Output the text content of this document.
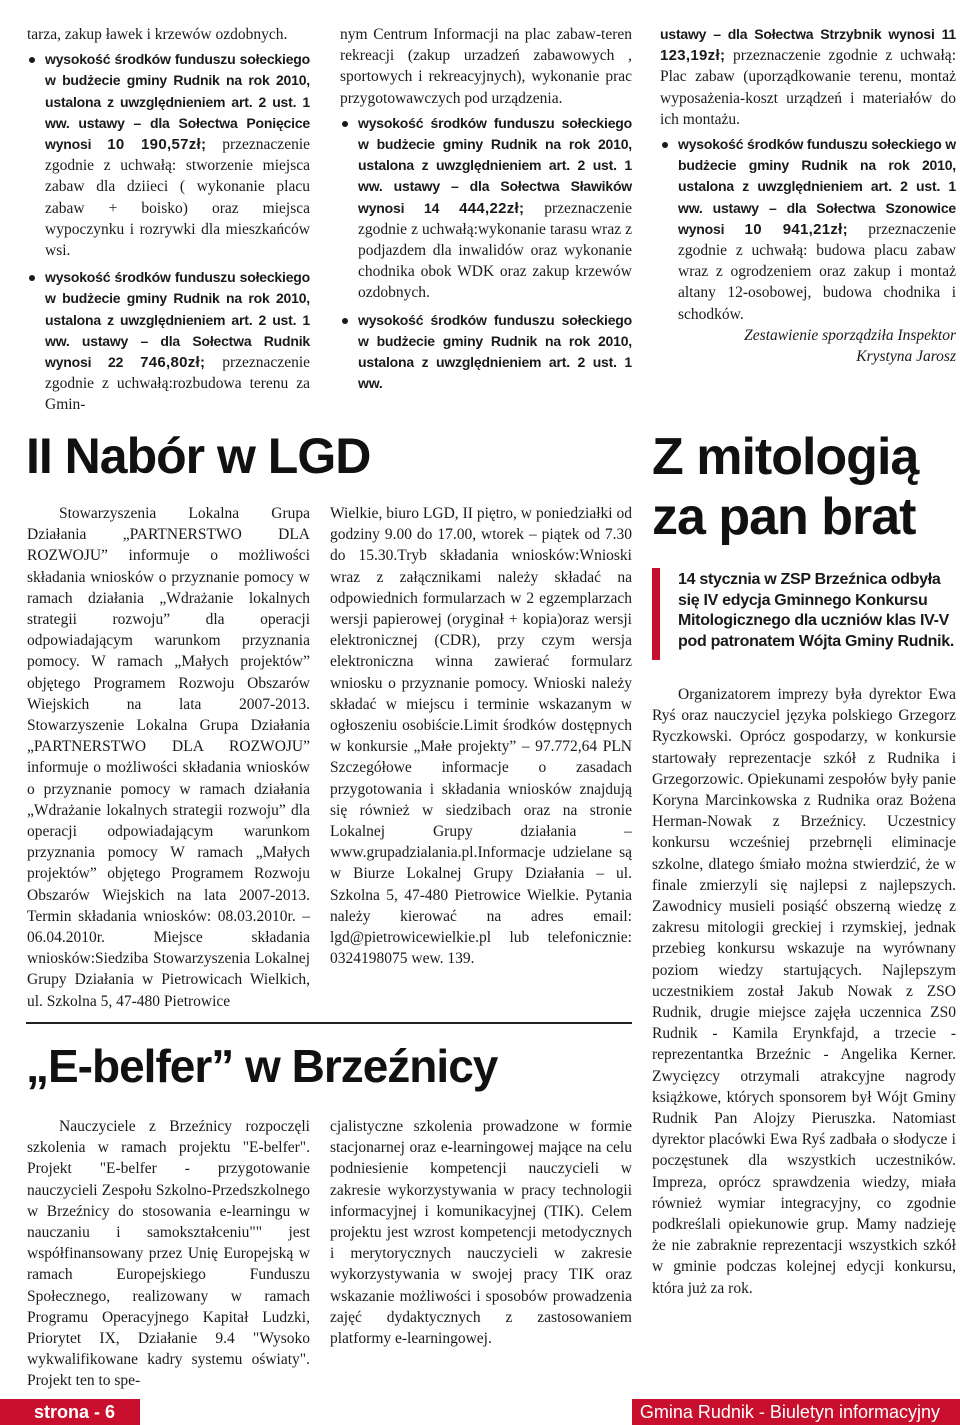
tarza, zakup ławek i krzewów ozdobnych.

wysokość środków funduszu sołeckiego w budżecie gminy Rudnik na rok 2010, ustalona z uwzględnieniem art. 2 ust. 1 ww. ustawy – dla Sołectwa Ponięcice wynosi 10 190,57zł; przeznaczenie zgodnie z uchwałą: stworzenie miejsca zabaw dla dziieci ( wykonanie placu zabaw + boisko) oraz miejsca wypoczynku i rozrywki dla mieszkańców wsi.
wysokość środków funduszu sołeckiego w budżecie gminy Rudnik na rok 2010, ustalona z uwzględnieniem art. 2 ust. 1 ww. ustawy – dla Sołectwa Rudnik wynosi 22 746,80zł; przeznaczenie zgodnie z uchwałą:rozbudowa terenu za Gmin-

nym Centrum Informacji na plac zabaw-teren rekreacji (zakup urzadzeń zabawowych , sportowych i rekreacyjnych), wykonanie prac przygotowawczych pod urządzenia.

wysokość środków funduszu sołeckiego w budżecie gminy Rudnik na rok 2010, ustalona z uwzględnieniem art. 2 ust. 1 ww. ustawy – dla Sołectwa Sławików wynosi 14 444,22zł; przeznaczenie zgodnie z uchwałą:wykonanie tarasu wraz z podjazdem dla inwalidów oraz wykonanie chodnika obok WDK oraz zakup krzewów ozdobnych.
wysokość środków funduszu sołeckiego w budżecie gminy Rudnik na rok 2010, ustalona z uwzględnieniem art. 2 ust. 1 ww.

ustawy – dla Sołectwa Strzybnik wynosi 11 123,19zł; przeznaczenie zgodnie z uchwałą: Plac zabaw (uporządkowanie terenu, montaż wyposażenia-koszt urządzeń i materiałów do ich montażu.

wysokość środków funduszu sołeckiego w budżecie gminy Rudnik na rok 2010, ustalona z uwzględnieniem art. 2 ust. 1 ww. ustawy – dla Sołectwa Szonowice wynosi 10 941,21zł; przeznaczenie zgodnie z uchwałą: budowa placu zabaw wraz z ogrodzeniem oraz zakup i montaż altany 12-osobowej, budowa chodnika i schodków.

Zestawienie sporządziła Inspektor

Krystyna Jarosz

II Nabór w LGD
Stowarzyszenia Lokalna Grupa Działania „PARTNERSTWO DLA ROZWOJU” informuje o możliwości składania wniosków o przyznanie pomocy w ramach działania „Wdrażanie lokalnych strategii rozwoju” dla operacji odpowiadającym warunkom przyznania pomocy. W ramach „Małych projektów” objętego Programem Rozwoju Obszarów Wiejskich na lata 2007-2013. Stowarzyszenie Lokalna Grupa Działania „PARTNERSTWO DLA ROZWOJU” informuje o możliwości składania wniosków o przyznanie pomocy w ramach działania „Wdrażanie lokalnych strategii rozwoju” dla operacji odpowiadającym warunkom przyznania pomocy W ramach „Małych projektów” objętego Programem Rozwoju Obszarów Wiejskich na lata 2007-2013. Termin składania wniosków: 08.03.2010r. – 06.04.2010r. Miejsce składania wniosków:Siedziba Stowarzyszenia Lokalnej Grupy Działania w Pietrowicach Wielkich, ul. Szkolna 5, 47-480 Pietrowice
Wielkie, biuro LGD, II piętro, w poniedziałki od godziny 9.00 do 17.00, wtorek – piątek od 7.30 do 15.30.Tryb składania wniosków:Wnioski wraz z załącznikami należy składać na odpowiednich formularzach w 2 egzemplarzach wersji papierowej (oryginał + kopia)oraz wersji elektronicznej (CDR), przy czym wersja elektroniczna winna zawierać formularz wniosku o przyznanie pomocy. Wnioski należy składać w miejscu i terminie wskazanym w ogłoszeniu osobiście.Limit środków dostępnych w konkursie „Małe projekty” – 97.772,64 PLN Szczegółowe informacje o zasadach przygotowania i składania wniosków znajdują się również w siedzibach oraz na stronie Lokalnej Grupy działania – www.grupadzialania.pl.Informacje udzielane są w Biurze Lokalnej Grupy Działania – ul. Szkolna 5, 47-480 Pietrowice Wielkie. Pytania należy kierować na adres email: lgd@pietrowicewielkie.pl lub telefonicznie: 0324198075 wew. 139.
„E-belfer” w Brzeźnicy
Nauczyciele z Brzeźnicy rozpoczęli szkolenia w ramach projektu "E-belfer". Projekt "E-belfer - przygotowanie nauczycieli Zespołu Szkolno-Przedszkolnego w Brzeźnicy do stosowania e-learningu w nauczaniu i samokształceniu"" jest współfinansowany przez Unię Europejską w ramach Europejskiego Funduszu Społecznego, realizowany w ramach Programu Operacyjnego Kapitał Ludzki, Priorytet IX, Działanie 9.4 "Wysoko wykwalifikowane kadry systemu oświaty". Projekt ten to spe-
cjalistyczne szkolenia prowadzone w formie stacjonarnej oraz e-learningowej mające na celu podniesienie kompetencji nauczycieli w zakresie wykorzystywania w pracy technologii informacyjnej i komunikacyjnej (TIK). Celem projektu jest wzrost kompetencji metodycznych i merytorycznych nauczycieli w zakresie wykorzystywania w swojej pracy TIK oraz wskazanie możliwości i sposobów prowadzenia zajęć dydaktycznych z zastosowaniem platformy e-learningowej.
Z mitologią
za pan brat
14 stycznia w ZSP Brzeźnica odbyła się IV edycja Gminnego Konkursu Mitologicznego dla uczniów klas IV-V pod patronatem Wójta Gminy Rudnik.
Organizatorem imprezy była dyrektor Ewa Ryś oraz nauczyciel języka polskiego Grzegorz Ryczkowski. Oprócz gospodarzy, w konkursie startowały reprezentacje szkół z Rudnika i Grzegorzowic. Opiekunami zespołów były panie Koryna Marcinkowska z Rudnika oraz Bożena Herman-Nowak z Brzeźnicy. Uczestnicy konkursu wcześniej przebrnęli eliminacje szkolne, dlatego śmiało można stwierdzić, że w finale zmierzyli się najlepsi z najlepszych. Zawodnicy musieli posiąść obszerną wiedzę z zakresu mitologii greckiej i rzymskiej, jednak przebieg konkursu wskazuje na wyrównany poziom wiedzy startujących. Najlepszym uczestnikiem został Jakub Nowak z ZSO Rudnik, drugie miejsce zajęła uczennica ZS0 Rudnik - Kamila Erynkfajd, a trzecie - reprezentantka Brzeźnic - Angelika Kerner. Zwycięzcy otrzymali atrakcyjne nagrody książkowe, których sponsorem był Wójt Gminy Rudnik Pan Alojzy Pieruszka. Natomiast dyrektor placówki Ewa Ryś zadbała o słodycze i poczęstunek dla wszystkich uczestników. Impreza, oprócz sprawdzenia wiedzy, miała również wymiar integracyjny, co zgodnie podkreślali opiekunowie grup. Mamy nadzieję że nie zabraknie reprezentacji wszystkich szkół w gminie podczas kolejnej edycji konkursu, która już za rok.
strona - 6	Gmina Rudnik - Biuletyn informacyjny
